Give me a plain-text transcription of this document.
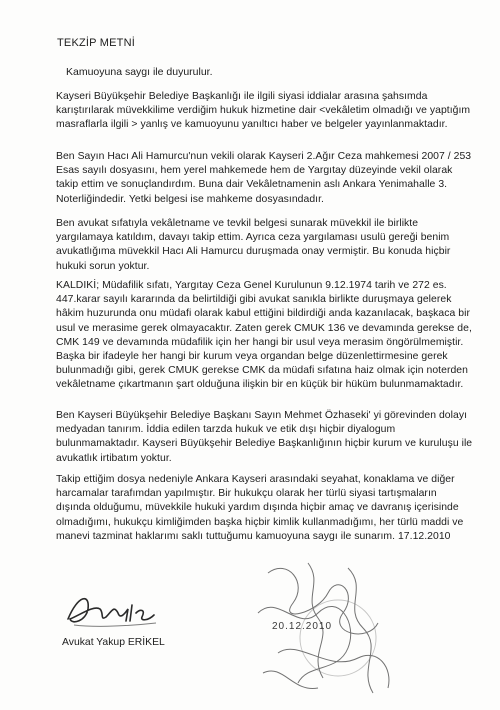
TEKZİP METNİ
Kamuoyuna saygı ile duyurulur.
Kayseri Büyükşehir Belediye Başkanlığı ile ilgili siyasi iddialar arasına şahsımda karıştırılarak müvekkilime verdiğim hukuk hizmetine dair <vekâletim olmadığı ve yaptığım masraflarla ilgili > yanlış ve kamuoyunu yanıltıcı haber ve belgeler yayınlanmaktadır.
Ben Sayın Hacı Ali Hamurcu'nun vekili olarak Kayseri 2.Ağır Ceza mahkemesi 2007 / 253 Esas sayılı dosyasını, hem yerel mahkemede hem de Yargıtay düzeyinde vekil olarak takip ettim ve sonuçlandırdım. Buna dair Vekâletnamenin aslı Ankara Yenimahalle 3. Noterliğindedir. Yetki belgesi ise mahkeme dosyasındadır.
Ben avukat sıfatıyla vekâletname ve tevkil belgesi sunarak müvekkil ile birlikte yargılamaya katıldım, davayı takip ettim. Ayrıca ceza yargılaması usulü gereği benim avukatlığıma müvekkil Hacı Ali Hamurcu duruşmada onay vermiştir. Bu konuda hiçbir hukuki sorun yoktur.
KALDIKİ; Müdafilik sıfatı, Yargıtay Ceza Genel Kurulunun 9.12.1974 tarih ve 272 es. 447.karar sayılı kararında da belirtildiği gibi avukat sanıkla birlikte duruşmaya gelerek hâkim huzurunda onu müdafi olarak kabul ettiğini bildirdiği anda kazanılacak, başkaca bir usul ve merasime gerek olmayacaktır. Zaten gerek CMUK 136 ve devamında gerekse de, CMK 149 ve devamında müdafilik için her hangi bir usul veya merasim öngörülmemiştir. Başka bir ifadeyle her hangi bir kurum veya organdan belge düzenlettirmesine gerek bulunmadığı gibi, gerek CMUK gerekse CMK da müdafi sıfatına haiz olmak için noterden vekâletname çıkartmanın şart olduğuna ilişkin bir en küçük bir hüküm bulunmamaktadır.
Ben Kayseri Büyükşehir Belediye Başkanı Sayın Mehmet Özhaseki' yi görevinden dolayı medyadan tanırım. İddia edilen tarzda hukuk ve etik dışı hiçbir diyalogum bulunmamaktadır. Kayseri Büyükşehir Belediye Başkanlığının hiçbir kurum ve kuruluşu ile avukatlık irtibatım yoktur.
Takip ettiğim dosya nedeniyle Ankara Kayseri arasındaki seyahat, konaklama ve diğer harcamalar tarafımdan yapılmıştır. Bir hukukçu olarak her türlü siyasi tartışmaların dışında olduğumu, müvekkile hukuki yardım dışında hiçbir amaç ve davranış içerisinde olmadığımı, hukukçu kimliğimden başka hiçbir kimlik kullanmadığımı, her türlü maddi ve manevi tazminat haklarımı saklı tuttuğumu kamuoyuna saygı ile sunarım. 17.12.2010
Avukat Yakup ERİKEL
20.12.2010
